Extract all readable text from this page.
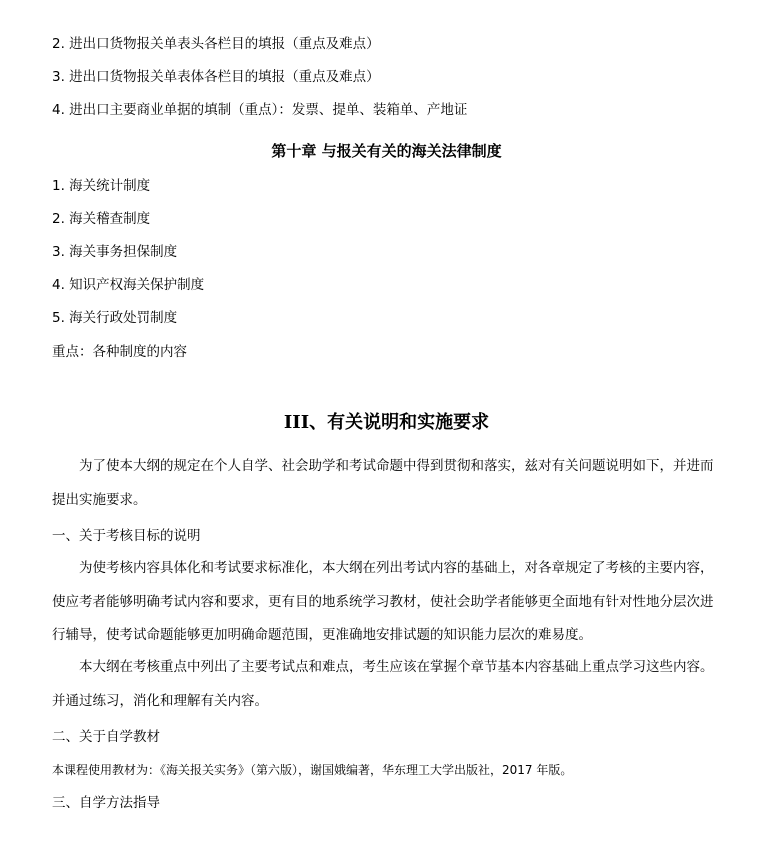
2. 进出口货物报关单表头各栏目的填报（重点及难点）
3. 进出口货物报关单表体各栏目的填报（重点及难点）
4. 进出口主要商业单据的填制（重点）：发票、提单、装箱单、产地证
第十章 与报关有关的海关法律制度
1. 海关统计制度
2. 海关稽查制度
3. 海关事务担保制度
4. 知识产权海关保护制度
5. 海关行政处罚制度
重点：各种制度的内容
III、有关说明和实施要求
为了使本大纲的规定在个人自学、社会助学和考试命题中得到贯彻和落实，兹对有关问题说明如下，并进而提出实施要求。
一、关于考核目标的说明
为使考核内容具体化和考试要求标准化，本大纲在列出考试内容的基础上，对各章规定了考核的主要内容，使应考者能够明确考试内容和要求，更有目的地系统学习教材，使社会助学者能够更全面地有针对性地分层次进行辅导，使考试命题能够更加明确命题范围，更准确地安排试题的知识能力层次的难易度。
本大纲在考核重点中列出了主要考试点和难点，考生应该在掌握个章节基本内容基础上重点学习这些内容。并通过练习，消化和理解有关内容。
二、关于自学教材
本课程使用教材为：《海关报关实务》（第六版），谢国娥编著，华东理工大学出版社，2017 年版。
三、自学方法指导
